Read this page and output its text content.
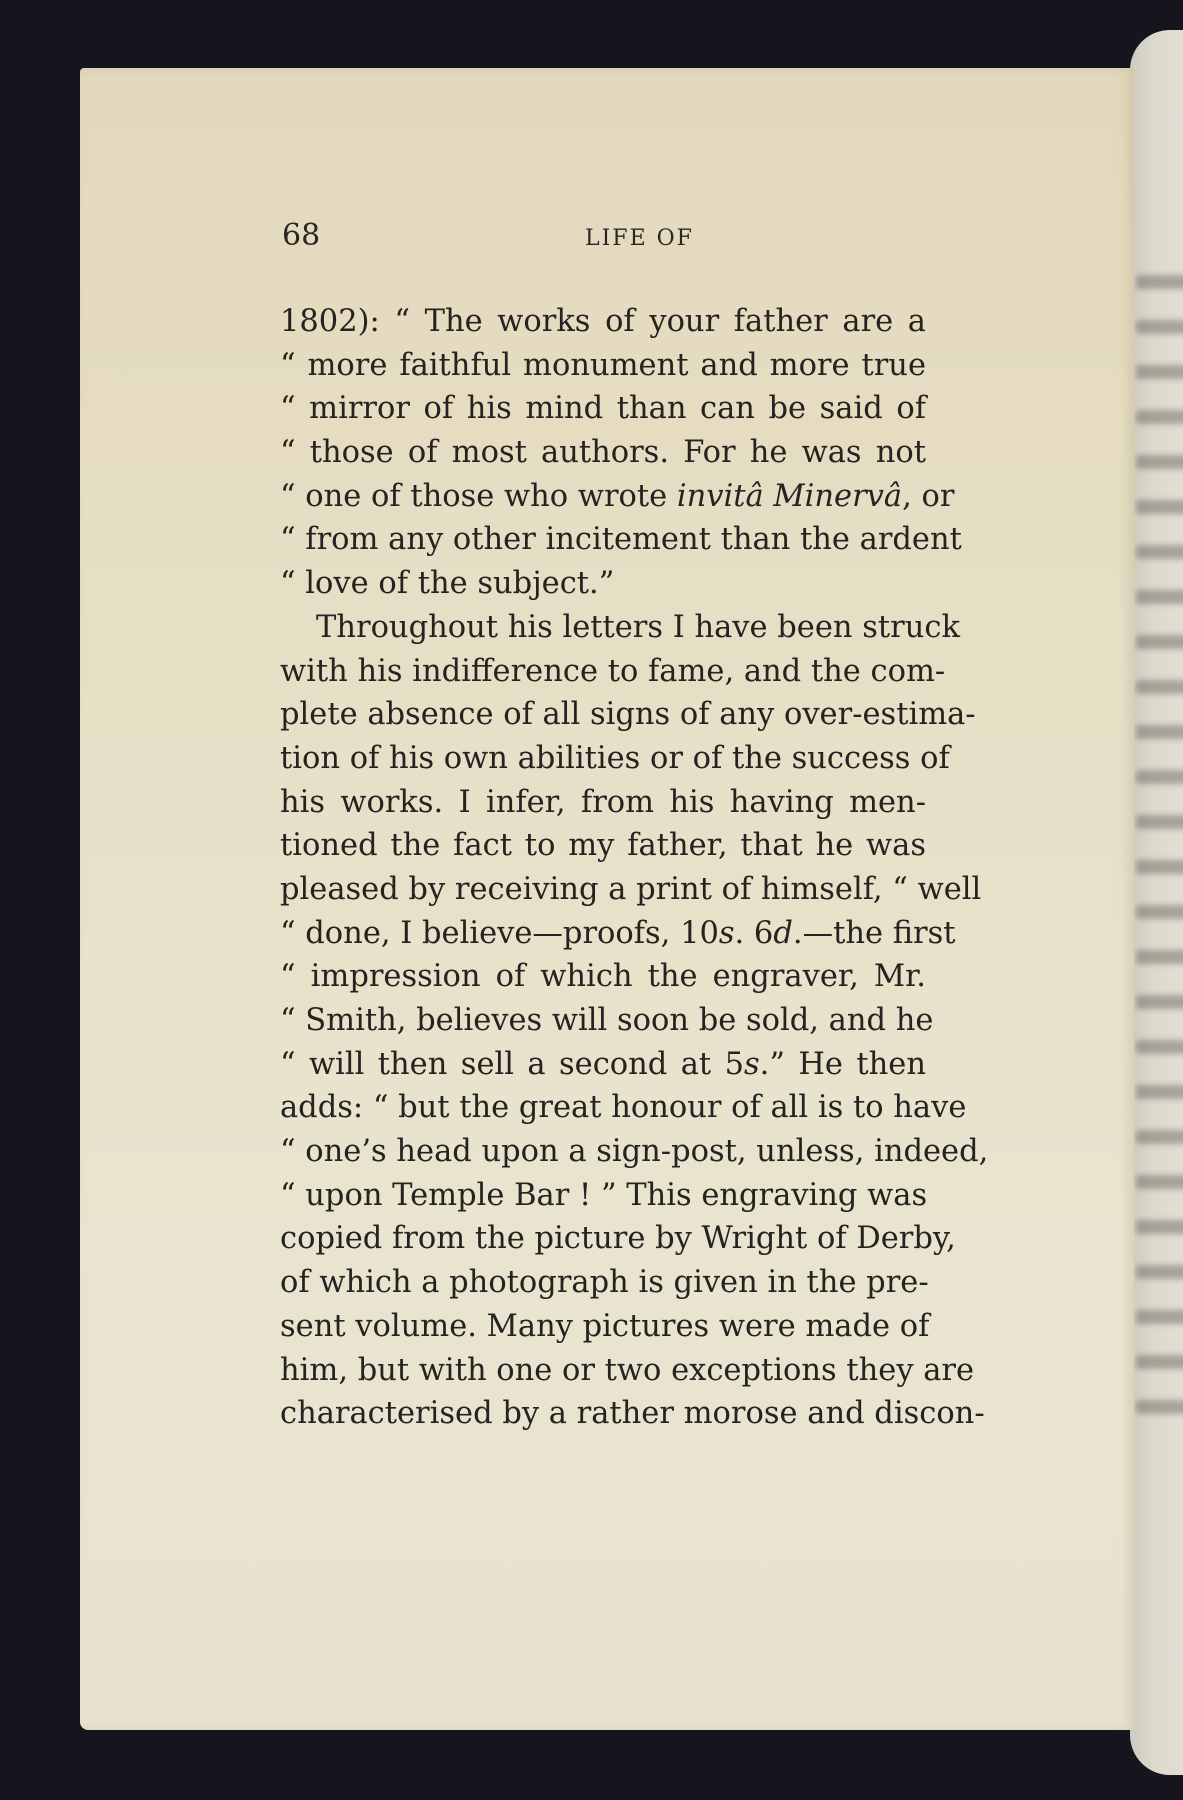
68	LIFE OF
1802): “ The works of your father are a
“ more faithful monument and more true
“ mirror of his mind than can be said of
“ those of most authors. For he was not
“ one of those who wrote invitâ Minervâ, or
“ from any other incitement than the ardent
“ love of the subject.”
Throughout his letters I have been struck
with his indifference to fame, and the com-
plete absence of all signs of any over-estima-
tion of his own abilities or of the success of
his works. I infer, from his having men-
tioned the fact to my father, that he was
pleased by receiving a print of himself, “ well
“ done, I believe—proofs, 10s. 6d.—the first
“ impression of which the engraver, Mr.
“ Smith, believes will soon be sold, and he
“ will then sell a second at 5s.” He then
adds: “ but the great honour of all is to have
“ one’s head upon a sign-post, unless, indeed,
“ upon Temple Bar ! ” This engraving was
copied from the picture by Wright of Derby,
of which a photograph is given in the pre-
sent volume. Many pictures were made of
him, but with one or two exceptions they are
characterised by a rather morose and discon-
